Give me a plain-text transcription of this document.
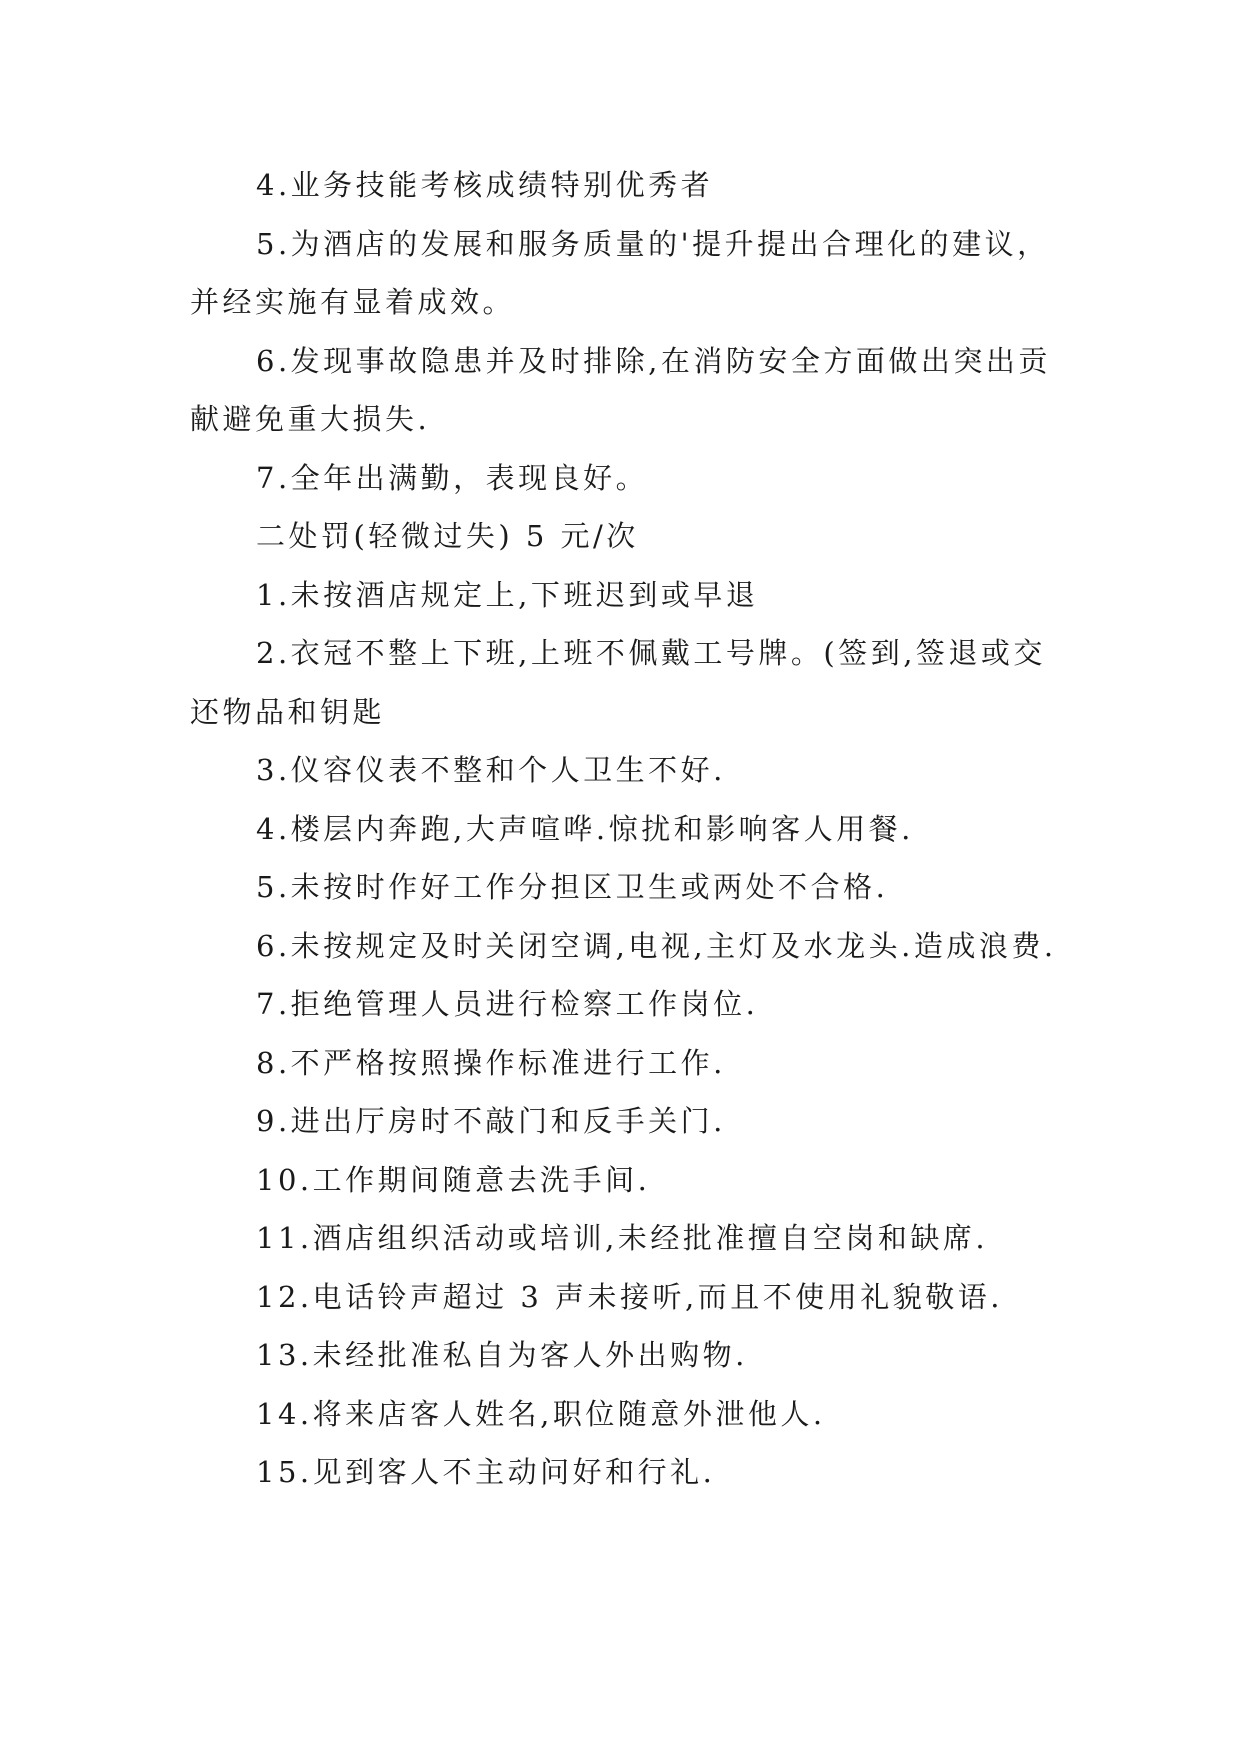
4.业务技能考核成绩特别优秀者

5.为酒店的发展和服务质量的'提升提出合理化的建议，并经实施有显着成效。

6.发现事故隐患并及时排除,在消防安全方面做出突出贡献避免重大损失.

7.全年出满勤，表现良好。

二处罚(轻微过失) 5 元/次

1.未按酒店规定上,下班迟到或早退

2.衣冠不整上下班,上班不佩戴工号牌。(签到,签退或交还物品和钥匙

3.仪容仪表不整和个人卫生不好.

4.楼层内奔跑,大声喧哗.惊扰和影响客人用餐.

5.未按时作好工作分担区卫生或两处不合格.

6.未按规定及时关闭空调,电视,主灯及水龙头.造成浪费.

7.拒绝管理人员进行检察工作岗位.

8.不严格按照操作标准进行工作.

9.进出厅房时不敲门和反手关门.

10.工作期间随意去洗手间.

11.酒店组织活动或培训,未经批准擅自空岗和缺席.

12.电话铃声超过 3 声未接听,而且不使用礼貌敬语.

13.未经批准私自为客人外出购物.

14.将来店客人姓名,职位随意外泄他人.

15.见到客人不主动问好和行礼.
